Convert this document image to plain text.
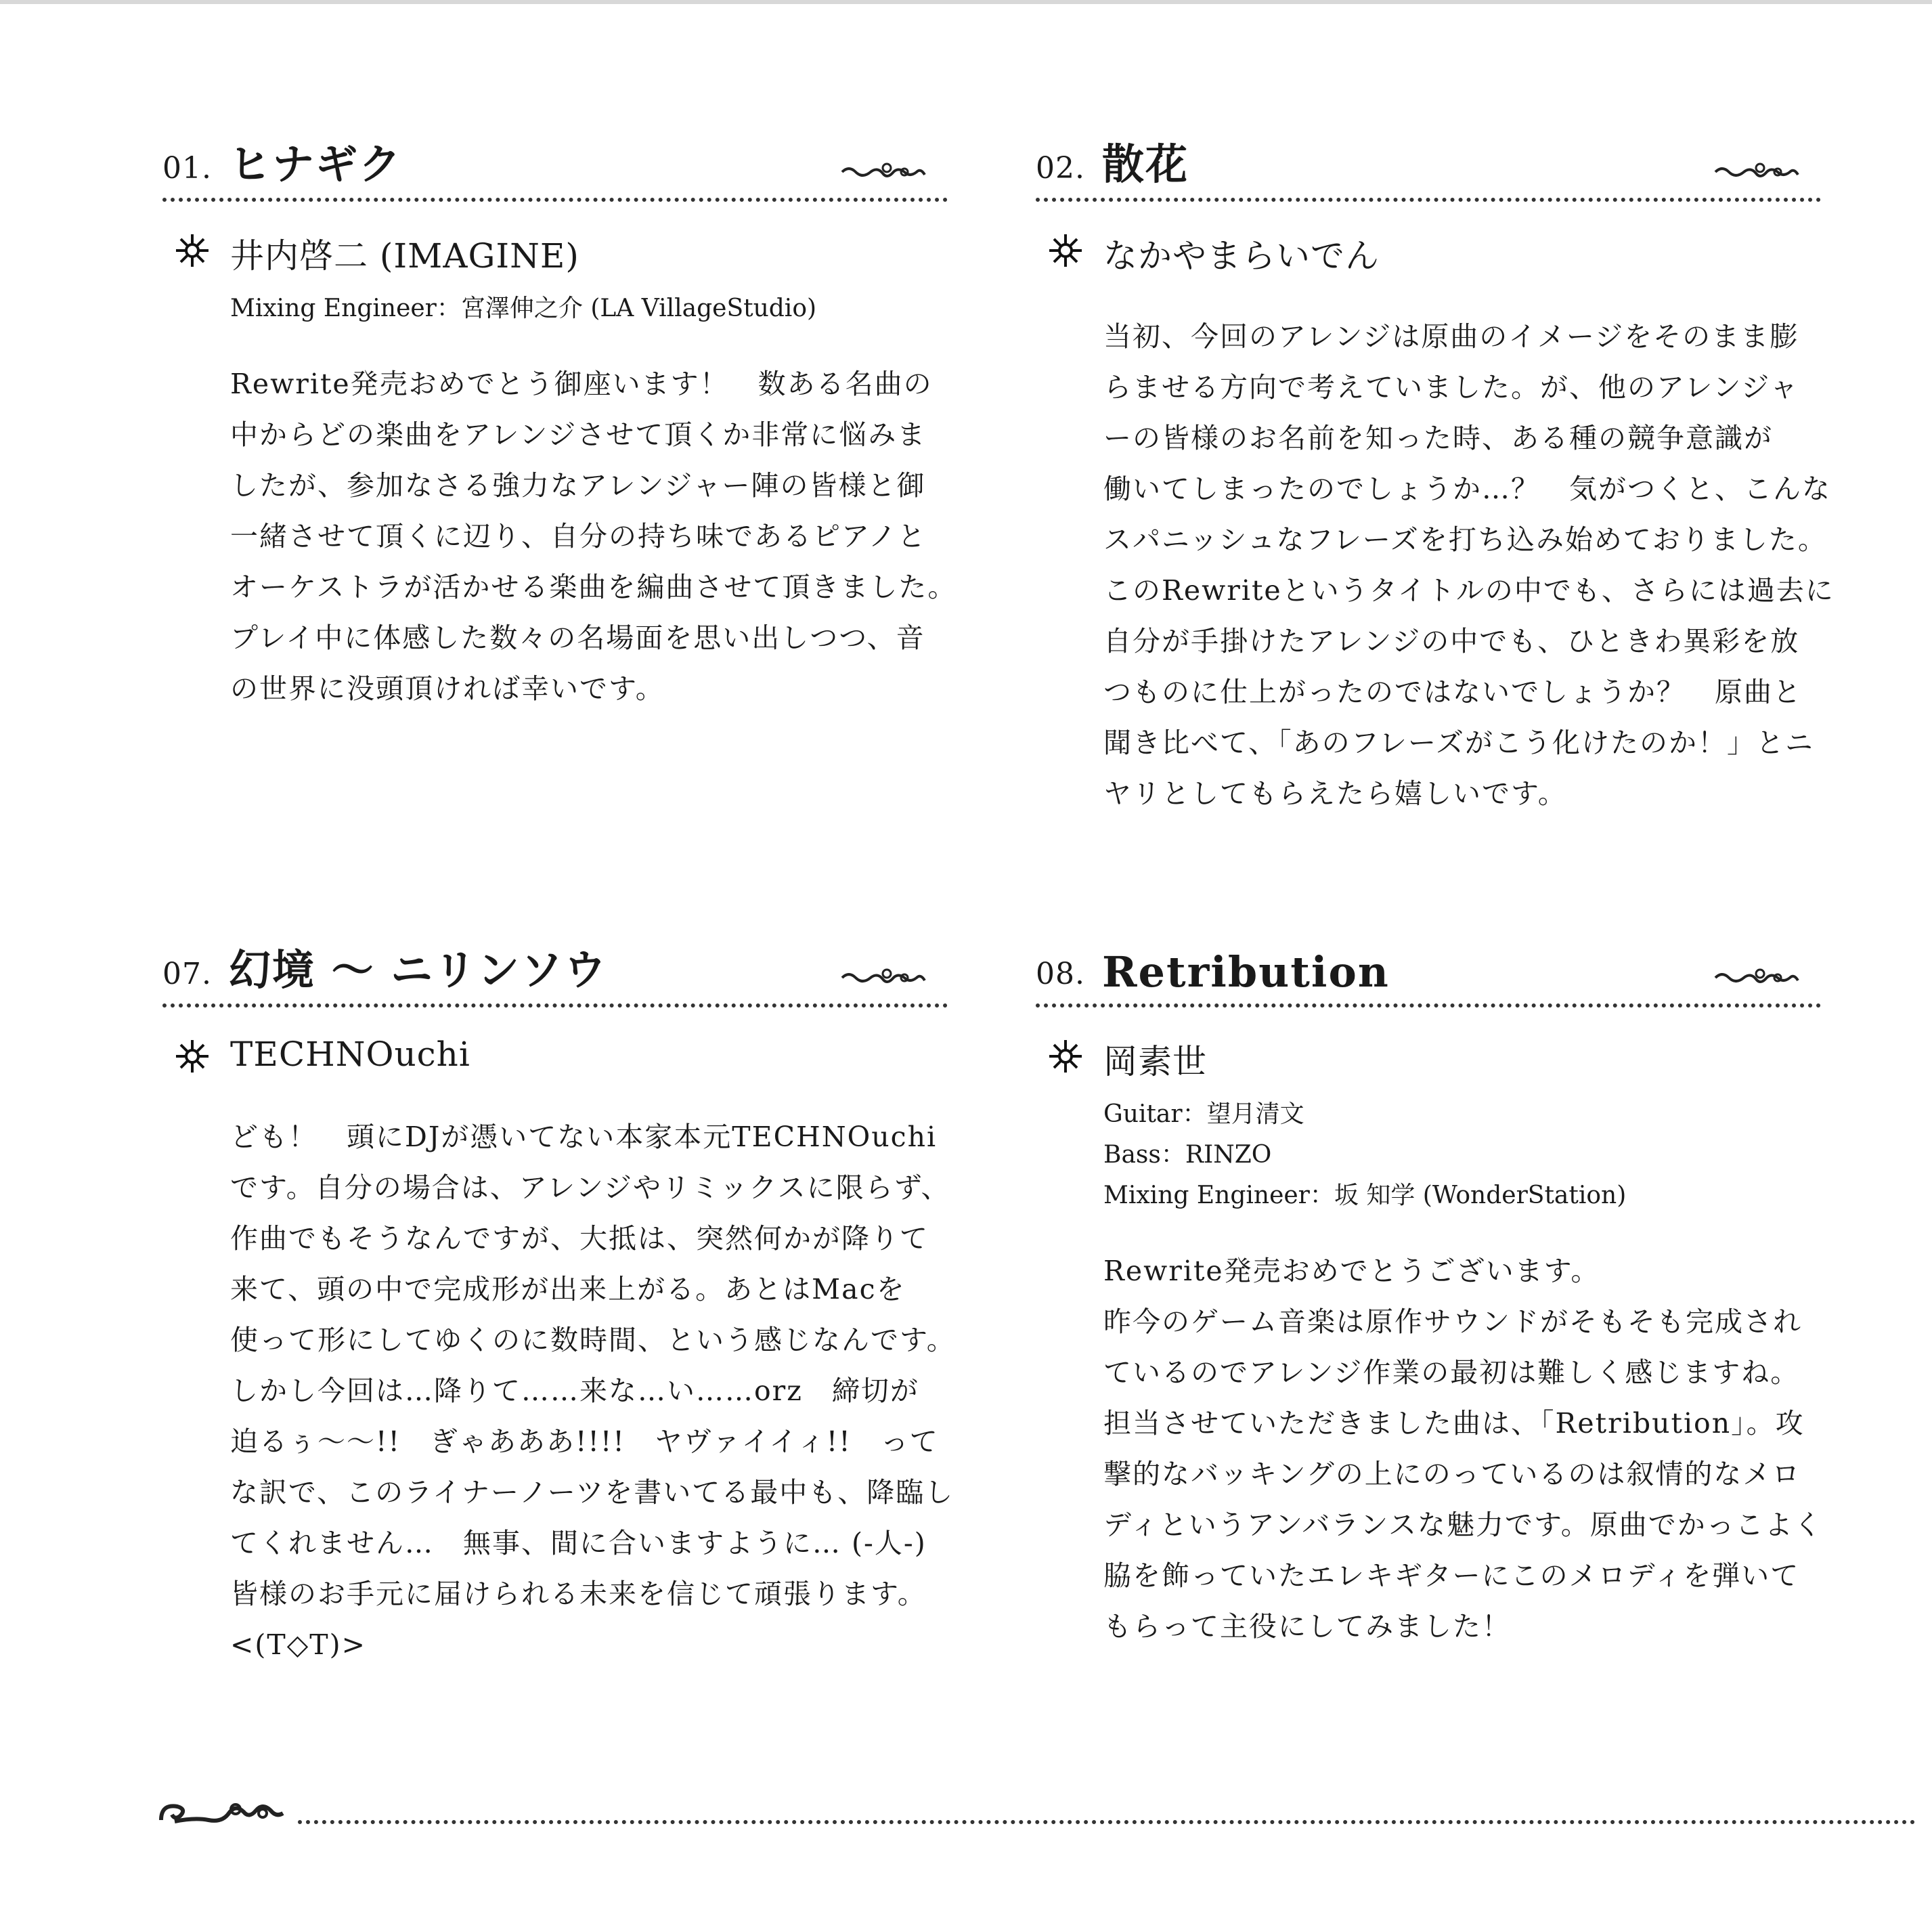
01. ヒナギク
井内啓二 (IMAGINE)
Mixing Engineer：宮澤伸之介 (LA VillageStudio)
Rewrite発売おめでとう御座います！　数ある名曲の
中からどの楽曲をアレンジさせて頂くか非常に悩みま
したが、参加なさる強力なアレンジャー陣の皆様と御
一緒させて頂くに辺り、自分の持ち味であるピアノと
オーケストラが活かせる楽曲を編曲させて頂きました。
プレイ中に体感した数々の名場面を思い出しつつ、音
の世界に没頭頂ければ幸いです。
02. 散花
なかやまらいでん
当初、今回のアレンジは原曲のイメージをそのまま膨
らませる方向で考えていました。が、他のアレンジャ
ーの皆様のお名前を知った時、ある種の競争意識が
働いてしまったのでしょうか…？　気がつくと、こんな
スパニッシュなフレーズを打ち込み始めておりました。
このRewriteというタイトルの中でも、さらには過去に
自分が手掛けたアレンジの中でも、ひときわ異彩を放
つものに仕上がったのではないでしょうか？　原曲と
聞き比べて、「あのフレーズがこう化けたのか！」とニ
ヤリとしてもらえたら嬉しいです。
07. 幻境 〜 ニリンソウ
TECHNOuchi
ども！　頭にDJが憑いてない本家本元TECHNOuchi
です。自分の場合は、アレンジやリミックスに限らず、
作曲でもそうなんですが、大抵は、突然何かが降りて
来て、頭の中で完成形が出来上がる。あとはMacを
使って形にしてゆくのに数時間、という感じなんです。
しかし今回は…降りて……来な…い……orz　締切が
迫るぅ〜〜!!　ぎゃあああ!!!!　ヤヴァイイィ!!　って
な訳で、このライナーノーツを書いてる最中も、降臨し
てくれません…　無事、間に合いますように… (-人-)
皆様のお手元に届けられる未来を信じて頑張ります。
<(T◇T)>
08. Retribution
岡素世
Guitar：望月清文
Bass：RINZO
Mixing Engineer：坂 知学 (WonderStation)
Rewrite発売おめでとうございます。
昨今のゲーム音楽は原作サウンドがそもそも完成され
ているのでアレンジ作業の最初は難しく感じますね。
担当させていただきました曲は、「Retribution」。攻
撃的なバッキングの上にのっているのは叙情的なメロ
ディというアンバランスな魅力です。原曲でかっこよく
脇を飾っていたエレキギターにこのメロディを弾いて
もらって主役にしてみました！
